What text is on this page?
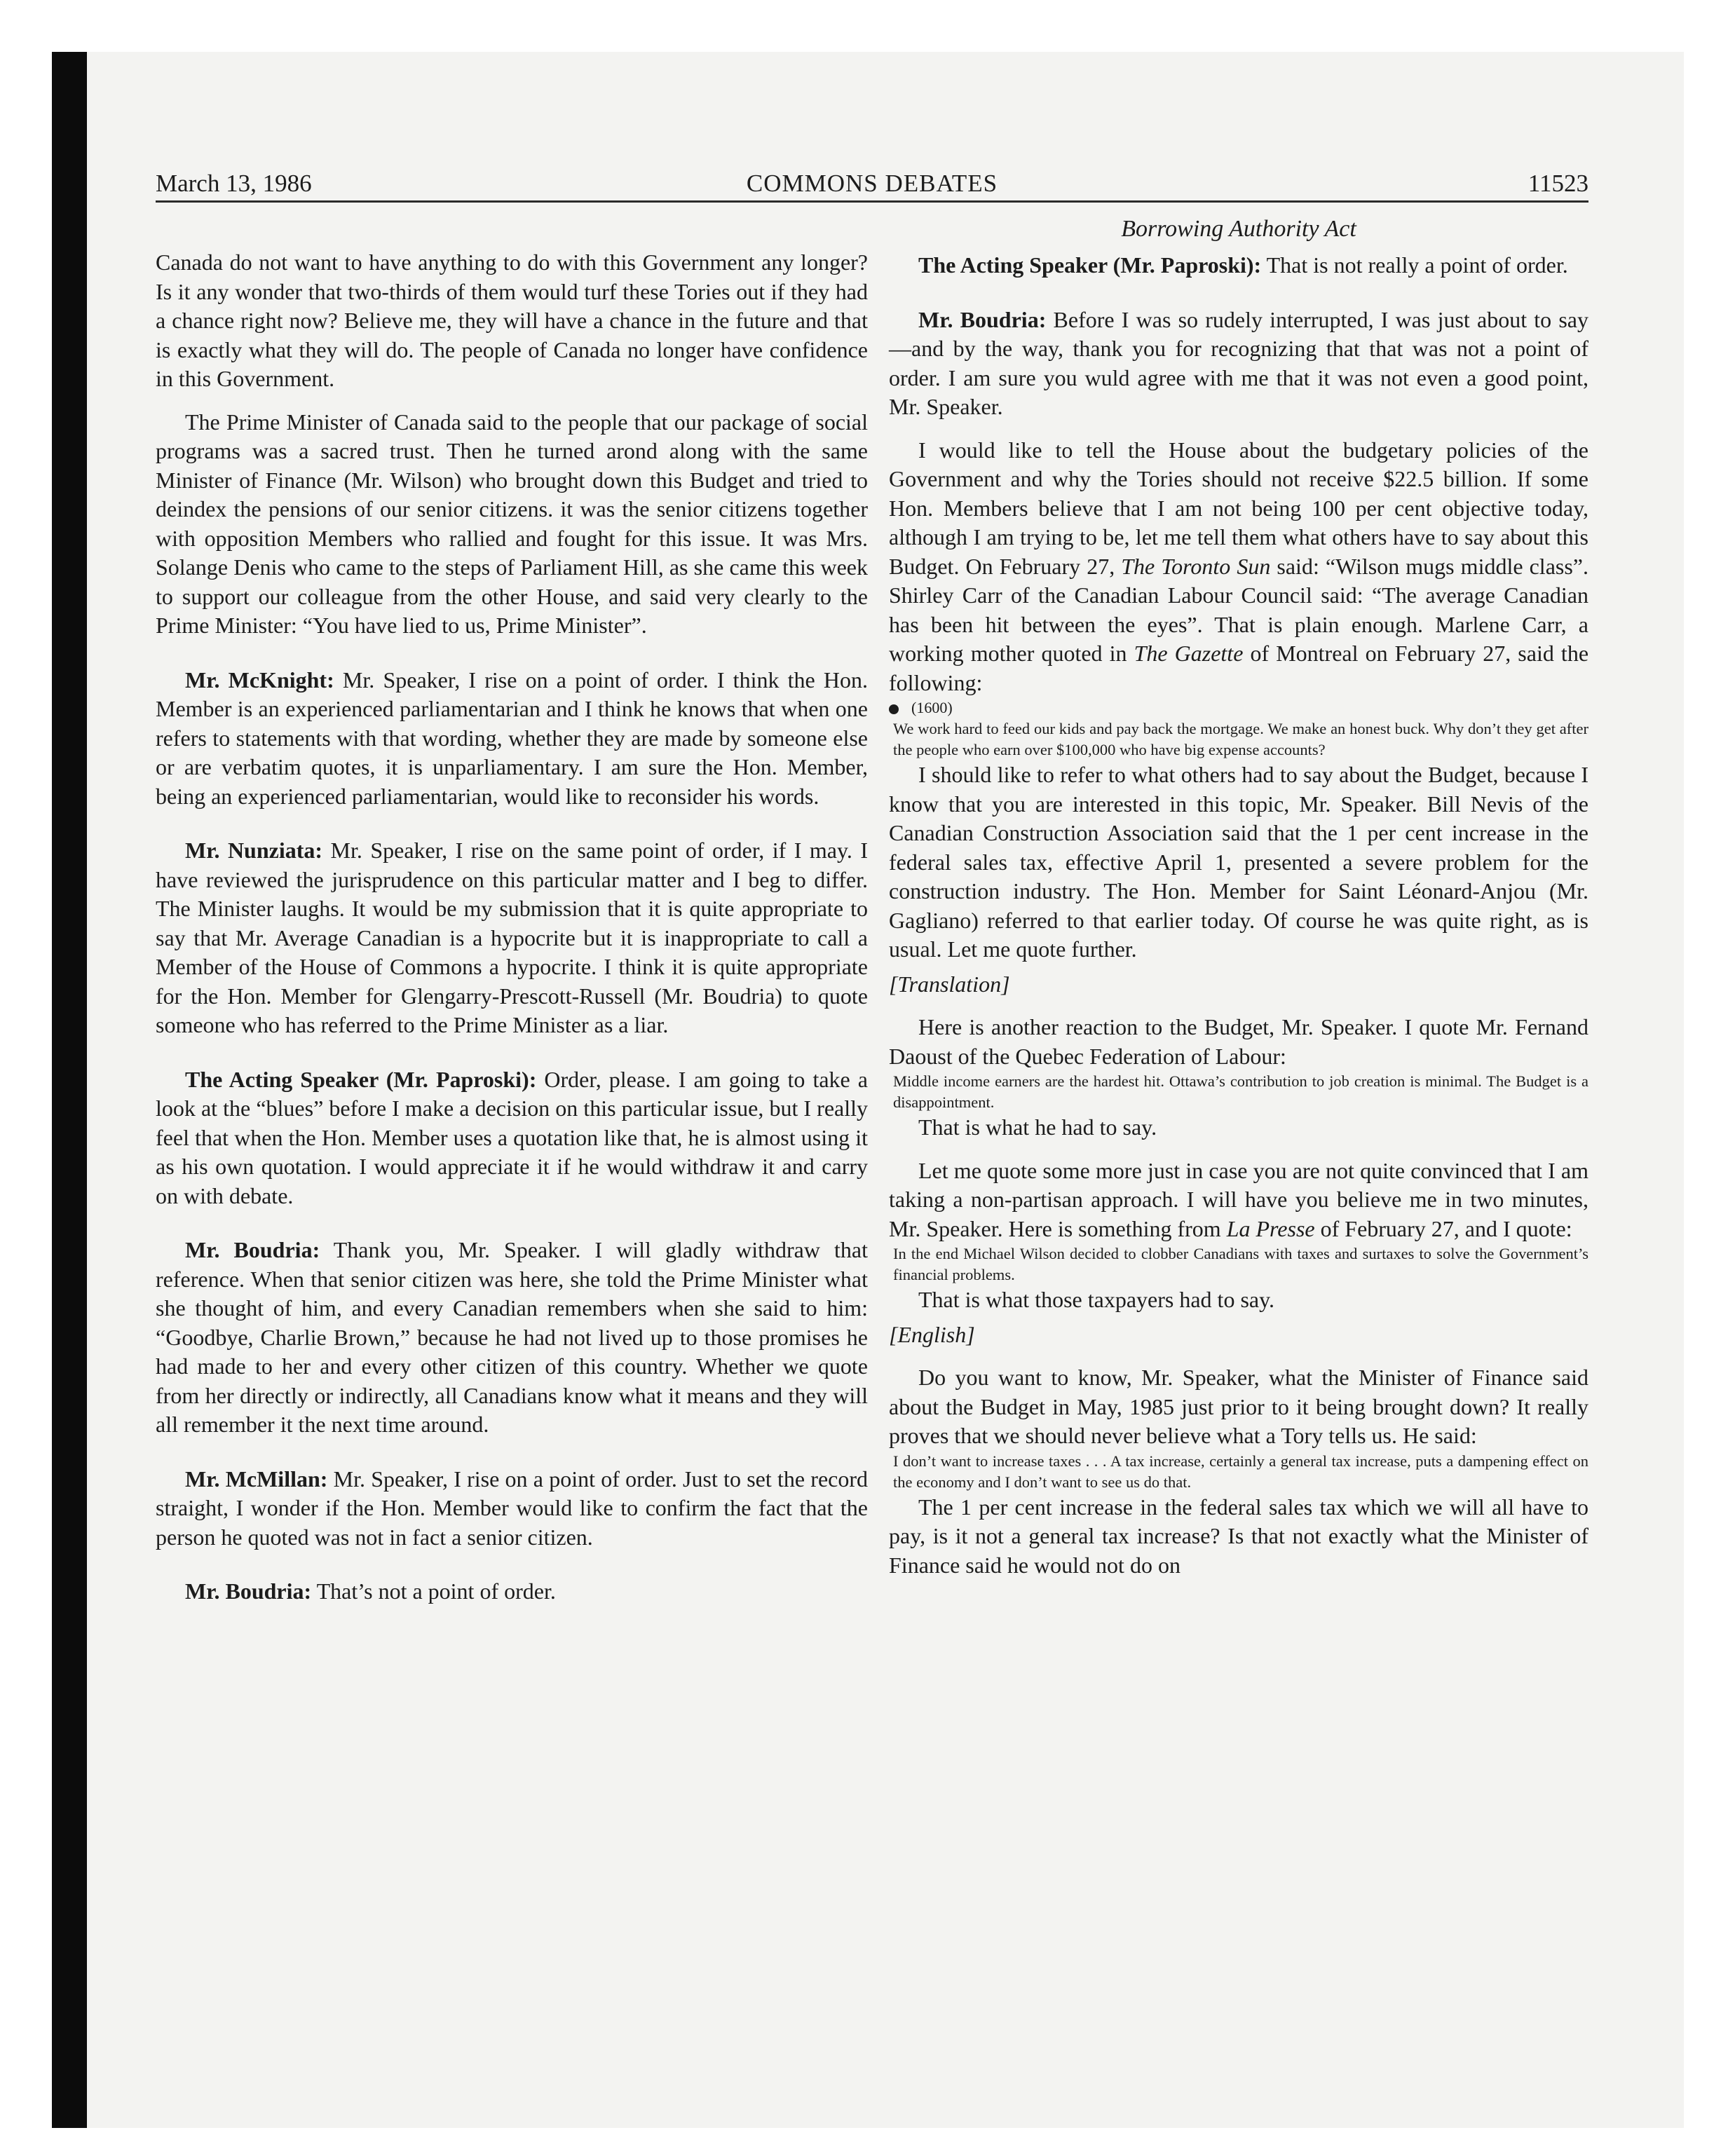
March 13, 1986	COMMONS DEBATES	11523
Borrowing Authority Act

Canada do not want to have anything to do with this Government any longer? Is it any wonder that two-thirds of them would turf these Tories out if they had a chance right now? Believe me, they will have a chance in the future and that is exactly what they will do. The people of Canada no longer have confidence in this Government.

The Prime Minister of Canada said to the people that our package of social programs was a sacred trust. Then he turned arond along with the same Minister of Finance (Mr. Wilson) who brought down this Budget and tried to deindex the pensions of our senior citizens. it was the senior citizens together with opposition Members who rallied and fought for this issue. It was Mrs. Solange Denis who came to the steps of Parliament Hill, as she came this week to support our colleague from the other House, and said very clearly to the Prime Minister: “You have lied to us, Prime Minister”.

Mr. McKnight: Mr. Speaker, I rise on a point of order. I think the Hon. Member is an experienced parliamentarian and I think he knows that when one refers to statements with that wording, whether they are made by someone else or are verbatim quotes, it is unparliamentary. I am sure the Hon. Member, being an experienced parliamentarian, would like to reconsider his words.

Mr. Nunziata: Mr. Speaker, I rise on the same point of order, if I may. I have reviewed the jurisprudence on this particular matter and I beg to differ. The Minister laughs. It would be my submission that it is quite appropriate to say that Mr. Average Canadian is a hypocrite but it is inappropriate to call a Member of the House of Commons a hypocrite. I think it is quite appropriate for the Hon. Member for Glengarry-Prescott-Russell (Mr. Boudria) to quote someone who has referred to the Prime Minister as a liar.

The Acting Speaker (Mr. Paproski): Order, please. I am going to take a look at the “blues” before I make a decision on this particular issue, but I really feel that when the Hon. Member uses a quotation like that, he is almost using it as his own quotation. I would appreciate it if he would withdraw it and carry on with debate.

Mr. Boudria: Thank you, Mr. Speaker. I will gladly withdraw that reference. When that senior citizen was here, she told the Prime Minister what she thought of him, and every Canadian remembers when she said to him: “Goodbye, Charlie Brown,” because he had not lived up to those promises he had made to her and every other citizen of this country. Whether we quote from her directly or indirectly, all Canadians know what it means and they will all remember it the next time around.

Mr. McMillan: Mr. Speaker, I rise on a point of order. Just to set the record straight, I wonder if the Hon. Member would like to confirm the fact that the person he quoted was not in fact a senior citizen.

Mr. Boudria: That’s not a point of order.

The Acting Speaker (Mr. Paproski): That is not really a point of order.

Mr. Boudria: Before I was so rudely interrupted, I was just about to say—and by the way, thank you for recognizing that that was not a point of order. I am sure you wuld agree with me that it was not even a good point, Mr. Speaker.

I would like to tell the House about the budgetary policies of the Government and why the Tories should not receive $22.5 billion. If some Hon. Members believe that I am not being 100 per cent objective today, although I am trying to be, let me tell them what others have to say about this Budget. On February 27, The Toronto Sun said: “Wilson mugs middle class”. Shirley Carr of the Canadian Labour Council said: “The average Canadian has been hit between the eyes”. That is plain enough. Marlene Carr, a working mother quoted in The Gazette of Montreal on February 27, said the following:

(1600)

We work hard to feed our kids and pay back the mortgage. We make an honest buck. Why don’t they get after the people who earn over $100,000 who have big expense accounts?

I should like to refer to what others had to say about the Budget, because I know that you are interested in this topic, Mr. Speaker. Bill Nevis of the Canadian Construction Association said that the 1 per cent increase in the federal sales tax, effective April 1, presented a severe problem for the construction industry. The Hon. Member for Saint Léonard-Anjou (Mr. Gagliano) referred to that earlier today. Of course he was quite right, as is usual. Let me quote further.

[Translation]

Here is another reaction to the Budget, Mr. Speaker. I quote Mr. Fernand Daoust of the Quebec Federation of Labour:

Middle income earners are the hardest hit. Ottawa’s contribution to job creation is minimal. The Budget is a disappointment.

That is what he had to say.

Let me quote some more just in case you are not quite convinced that I am taking a non-partisan approach. I will have you believe me in two minutes, Mr. Speaker. Here is something from La Presse of February 27, and I quote:

In the end Michael Wilson decided to clobber Canadians with taxes and surtaxes to solve the Government’s financial problems.

That is what those taxpayers had to say.

[English]

Do you want to know, Mr. Speaker, what the Minister of Finance said about the Budget in May, 1985 just prior to it being brought down? It really proves that we should never believe what a Tory tells us. He said:

I don’t want to increase taxes . . . A tax increase, certainly a general tax increase, puts a dampening effect on the economy and I don’t want to see us do that.

The 1 per cent increase in the federal sales tax which we will all have to pay, is it not a general tax increase? Is that not exactly what the Minister of Finance said he would not do on
